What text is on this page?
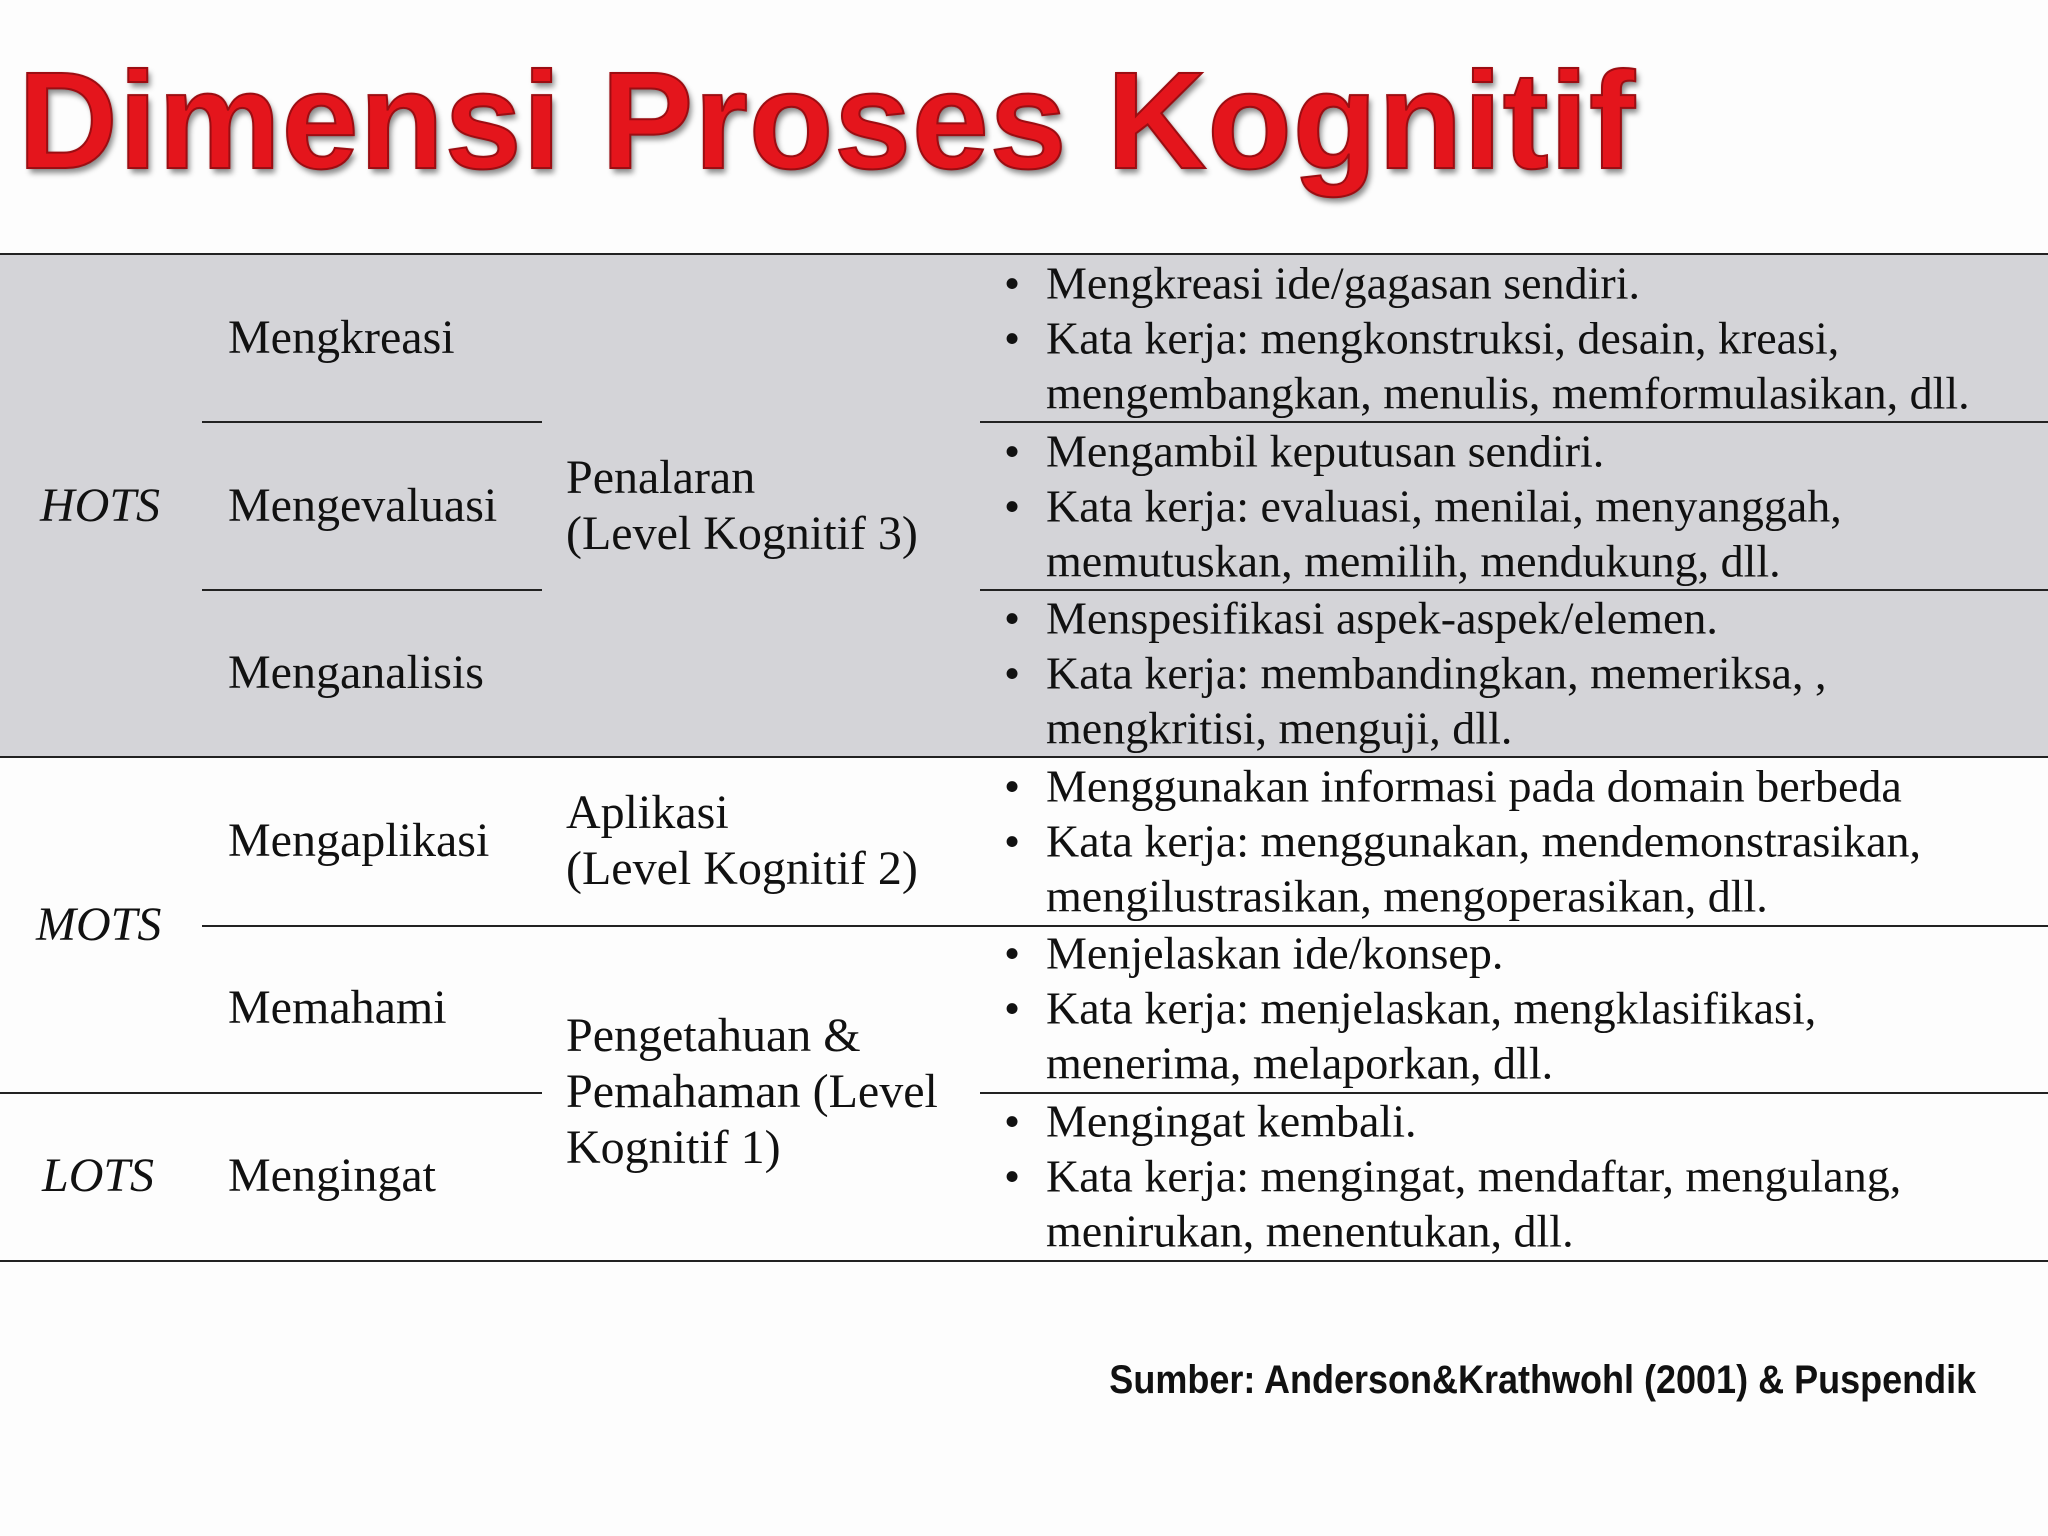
Dimensi Proses Kognitif
HOTS
MOTS
LOTS
Mengkreasi
Mengevaluasi
Menganalisis
Mengaplikasi
Memahami
Mengingat
Penalaran
(Level Kognitif 3)
Aplikasi
(Level Kognitif 2)
Pengetahuan &
Pemahaman (Level
Kognitif 1)
• Mengkreasi ide/gagasan sendiri.
• Kata kerja: mengkonstruksi, desain, kreasi,
mengembangkan, menulis, memformulasikan, dll.
• Mengambil keputusan sendiri.
• Kata kerja: evaluasi, menilai, menyanggah,
memutuskan, memilih, mendukung, dll.
• Menspesifikasi aspek-aspek/elemen.
• Kata kerja: membandingkan, memeriksa, ,
mengkritisi, menguji, dll.
• Menggunakan informasi pada domain berbeda
• Kata kerja: menggunakan, mendemonstrasikan,
mengilustrasikan, mengoperasikan, dll.
• Menjelaskan ide/konsep.
• Kata kerja: menjelaskan, mengklasifikasi,
menerima, melaporkan, dll.
• Mengingat kembali.
• Kata kerja: mengingat, mendaftar, mengulang,
menirukan, menentukan, dll.
Sumber: Anderson&Krathwohl (2001) & Puspendik
